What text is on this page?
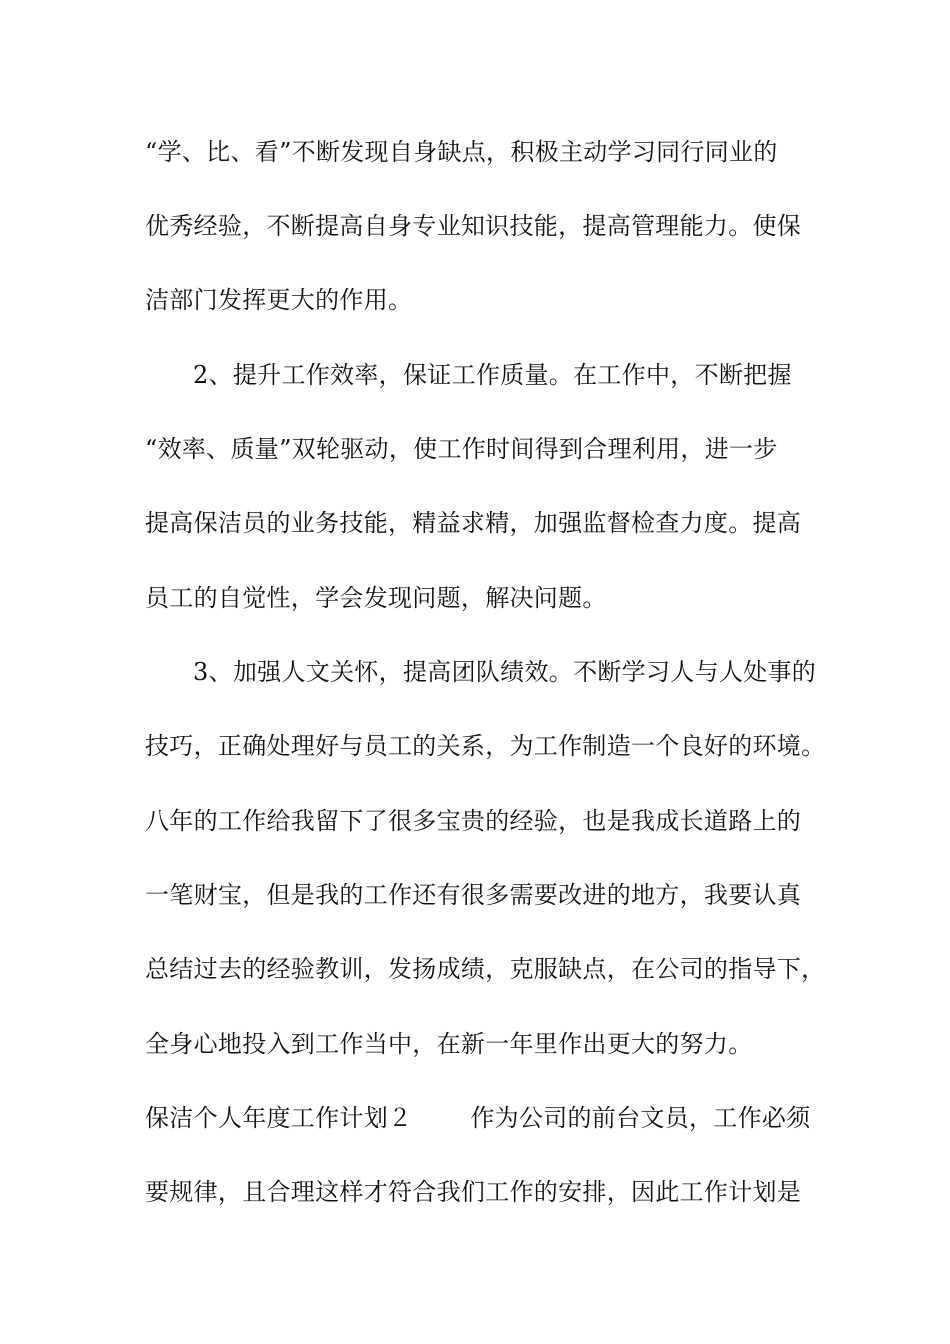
“学、比、看”不断发现自身缺点，积极主动学习同行同业的
优秀经验，不断提高自身专业知识技能，提高管理能力。使保
洁部门发挥更大的作用。
2、提升工作效率，保证工作质量。在工作中，不断把握
“效率、质量”双轮驱动，使工作时间得到合理利用，进一步
提高保洁员的业务技能，精益求精，加强监督检查力度。提高
员工的自觉性，学会发现问题，解决问题。
3、加强人文关怀，提高团队绩效。不断学习人与人处事的
技巧，正确处理好与员工的关系，为工作制造一个良好的环境。
八年的工作给我留下了很多宝贵的经验，也是我成长道路上的
一笔财宝，但是我的工作还有很多需要改进的地方，我要认真
总结过去的经验教训，发扬成绩，克服缺点，在公司的指导下，
全身心地投入到工作当中，在新一年里作出更大的努力。
保洁个人年度工作计划２ 作为公司的前台文员，工作必须
要规律，且合理这样才符合我们工作的安排，因此工作计划是
